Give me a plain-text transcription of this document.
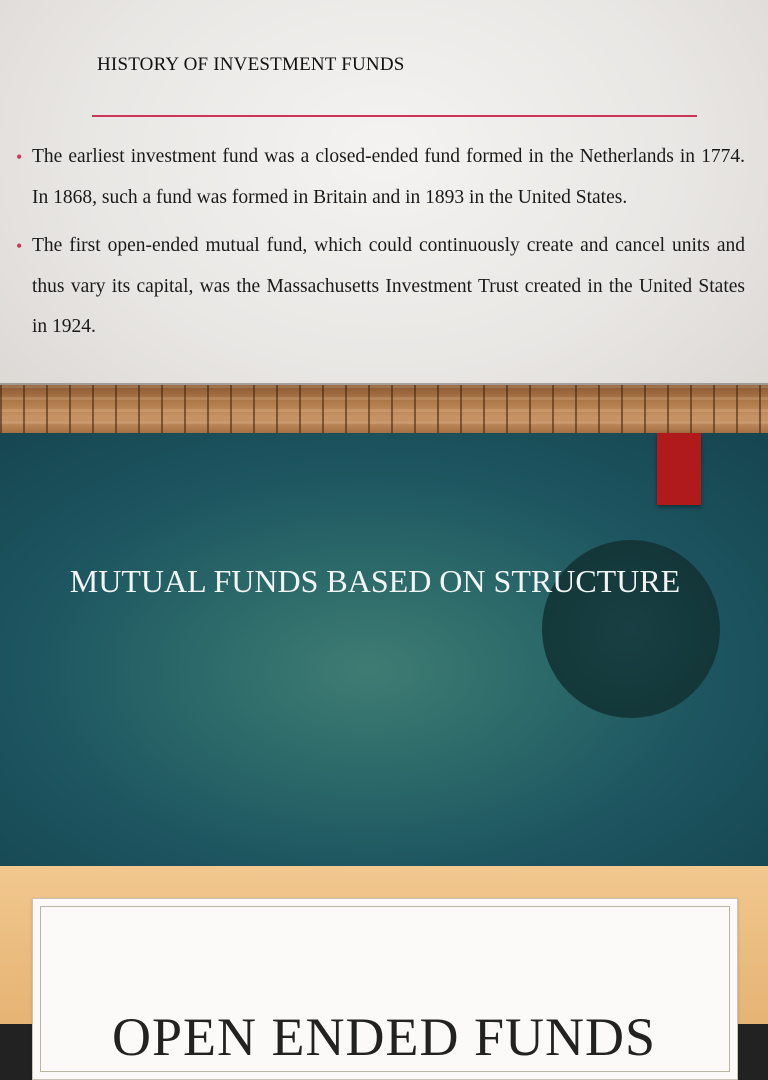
HISTORY OF INVESTMENT FUNDS
• The earliest investment fund was a closed-ended fund formed in the Netherlands in 1774. In 1868, such a fund was formed in Britain and in 1893 in the United States.
• The first open-ended mutual fund, which could continuously create and cancel units and thus vary its capital, was the Massachusetts Investment Trust created in the United States in 1924.
MUTUAL FUNDS BASED ON STRUCTURE
OPEN ENDED FUNDS
